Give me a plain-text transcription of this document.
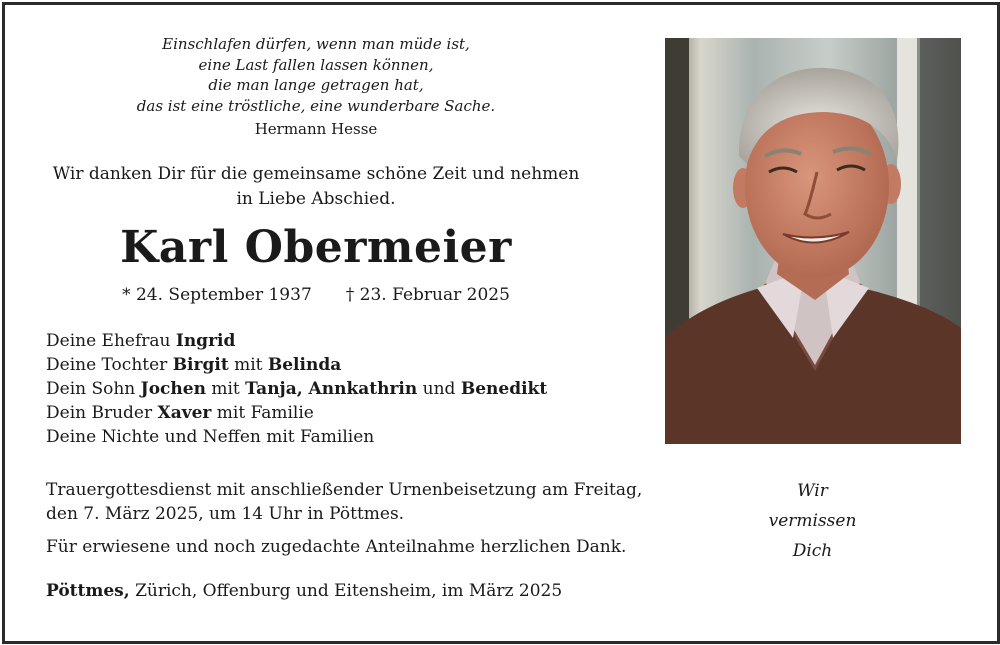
Einschlafen dürfen, wenn man müde ist,
eine Last fallen lassen können,
die man lange getragen hat,
das ist eine tröstliche, eine wunderbare Sache.
Hermann Hesse
Wir danken Dir für die gemeinsame schöne Zeit und nehmen
in Liebe Abschied.
Karl Obermeier
* 24. September 1937 † 23. Februar 2025
Deine Ehefrau Ingrid
Deine Tochter Birgit mit Belinda
Dein Sohn Jochen mit Tanja, Annkathrin und Benedikt
Dein Bruder Xaver mit Familie
Deine Nichte und Neffen mit Familien
Trauergottesdienst mit anschließender Urnenbeisetzung am Freitag,
den 7. März 2025, um 14 Uhr in Pöttmes.
Für erwiesene und noch zugedachte Anteilnahme herzlichen Dank.
Pöttmes, Zürich, Offenburg und Eitensheim, im März 2025
Wir
vermissen
Dich
